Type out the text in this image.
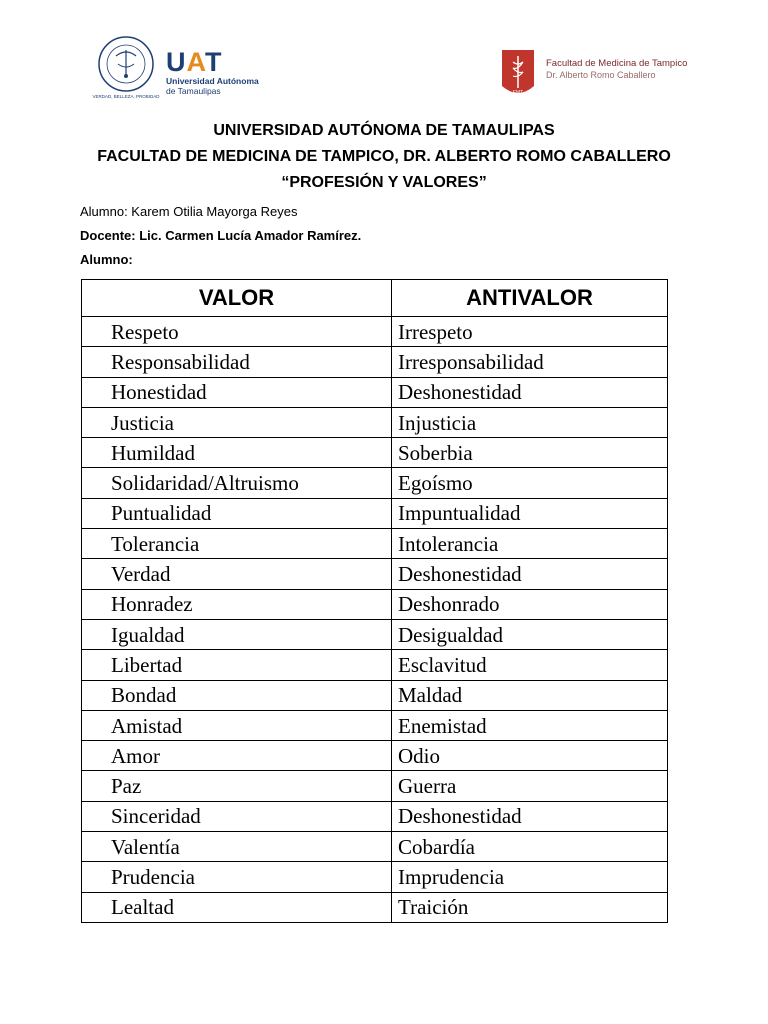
VERDAD, BELLEZA, PROBIDAD
UAT
Universidad Autónoma
de Tamaulipas	FMT
Facultad de Medicina de Tampico
Dr. Alberto Romo Caballero

UNIVERSIDAD AUTÓNOMA DE TAMAULIPAS

FACULTAD DE MEDICINA DE TAMPICO, DR. ALBERTO ROMO CABALLERO

“PROFESIÓN Y VALORES”

Alumno: Karem Otilia Mayorga Reyes
Docente: Lic. Carmen Lucía Amador Ramírez.
Alumno:
VALOR	ANTIVALOR
Respeto	Irrespeto
Responsabilidad	Irresponsabilidad
Honestidad	Deshonestidad
Justicia	Injusticia
Humildad	Soberbia
Solidaridad/Altruismo	Egoísmo
Puntualidad	Impuntualidad
Tolerancia	Intolerancia
Verdad	Deshonestidad
Honradez	Deshonrado
Igualdad	Desigualdad
Libertad	Esclavitud
Bondad	Maldad
Amistad	Enemistad
Amor	Odio
Paz	Guerra
Sinceridad	Deshonestidad
Valentía	Cobardía
Prudencia	Imprudencia
Lealtad	Traición
